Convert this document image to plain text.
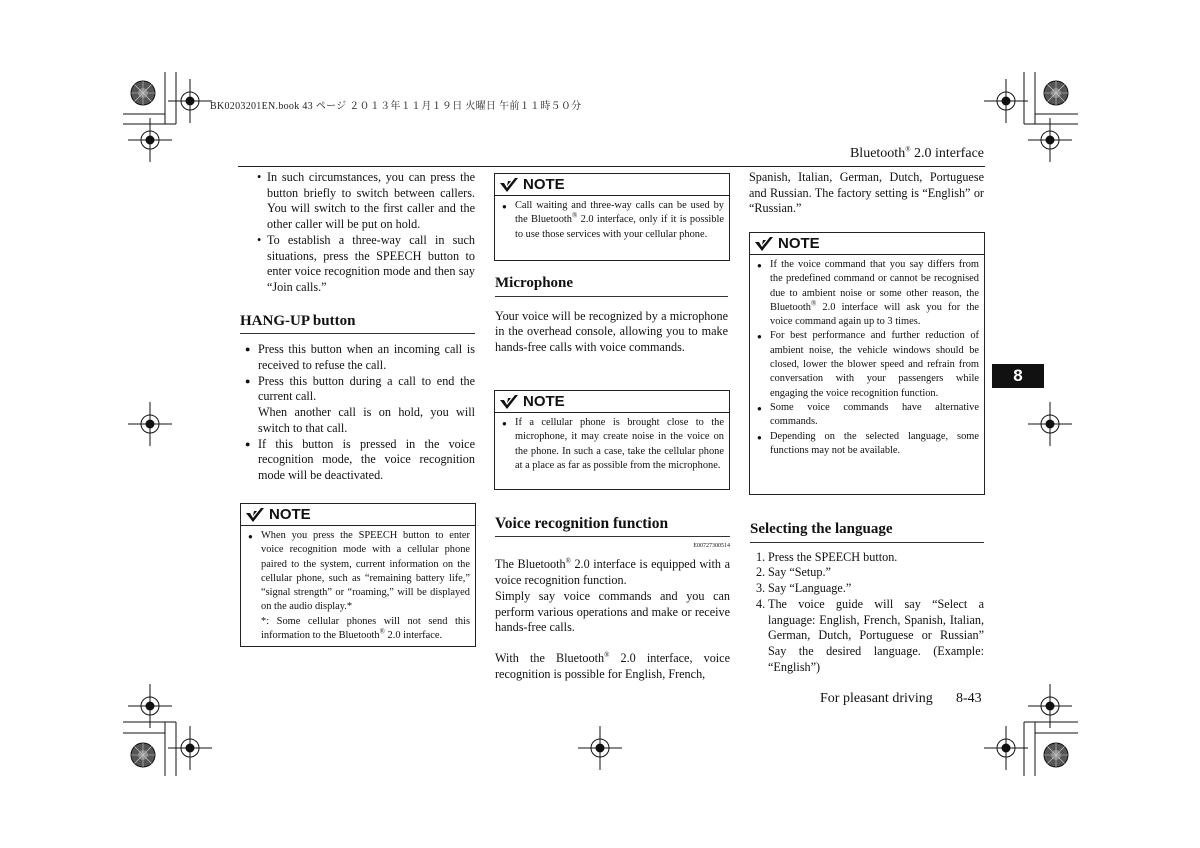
BK0203201EN.book 43 ページ ２０１３年１１月１９日 火曜日 午前１１時５０分
Bluetooth® 2.0 interface

• In such circumstances, you can press the button briefly to switch between callers. You will switch to the first caller and the other caller will be put on hold.

• To establish a three-way call in such situations, press the SPEECH button to enter voice recognition mode and then say “Join calls.”

HANG-UP button

● Press this button when an incoming call is received to refuse the call.

● Press this button during a call to end the current call.

When another call is on hold, you will switch to that call.

● If this button is pressed in the voice recognition mode, the voice recognition mode will be deactivated.

NOTE

● When you press the SPEECH button to enter voice recognition mode with a cellular phone paired to the system, current information on the cellular phone, such as “remaining battery life,” “signal strength” or “roaming,” will be displayed on the audio display.*

*: Some cellular phones will not send this information to the Bluetooth® 2.0 interface.

NOTE

● Call waiting and three-way calls can be used by the Bluetooth® 2.0 interface, only if it is possible to use those services with your cellular phone.

Microphone

Your voice will be recognized by a microphone in the overhead console, allowing you to make hands-free calls with voice commands.

NOTE

● If a cellular phone is brought close to the microphone, it may create noise in the voice on the phone. In such a case, take the cellular phone at a place as far as possible from the microphone.

Voice recognition function

E00727300514

The Bluetooth® 2.0 interface is equipped with a voice recognition function.

Simply say voice commands and you can perform various operations and make or receive hands-free calls.

With the Bluetooth® 2.0 interface, voice recognition is possible for English, French,

Spanish, Italian, German, Dutch, Portuguese and Russian. The factory setting is “English” or “Russian.”

NOTE

● If the voice command that you say differs from the predefined command or cannot be recognised due to ambient noise or some other reason, the Bluetooth® 2.0 interface will ask you for the voice command again up to 3 times.

● For best performance and further reduction of ambient noise, the vehicle windows should be closed, lower the blower speed and refrain from conversation with your passengers while engaging the voice recognition function.

● Some voice commands have alternative commands.

● Depending on the selected language, some functions may not be available.

Selecting the language

1. Press the SPEECH button.
2. Say “Setup.”
3. Say “Language.”
4. The voice guide will say “Select a language: English, French, Spanish, Italian, German, Dutch, Portuguese or Russian” Say the desired language. (Example: “English”)
8
For pleasant driving 8-43
